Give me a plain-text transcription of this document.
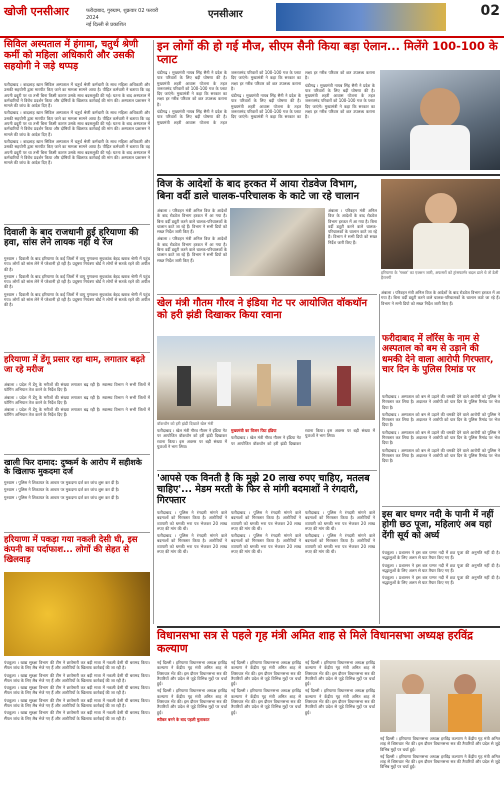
खोजी एनसीआर	फरीदाबाद, गुरुग्राम, शुक्रवार 02 फरवरी 2024
नई दिल्ली से प्रकाशित
एनसीआर	02
सिविल अस्पताल में हंगामा, चतुर्थ श्रेणी कर्मी को महिला अधिकारी और उसकी सहयोगी ने जड़े थप्पड़

फरीदाबाद । बादशाह खान सिविल अस्पताल में चतुर्थ श्रेणी कर्मचारी के साथ महिला अधिकारी और उसकी सहयोगी द्वारा मारपीट किए जाने का मामला सामने आया है। पीड़ित कर्मचारी ने बताया कि वह अपनी ड्यूटी पर था तभी बिना किसी कारण उसके साथ बदसलूकी की गई। घटना के बाद अस्पताल में कर्मचारियों ने विरोध प्रदर्शन किया और दोषियों के खिलाफ कार्रवाई की मांग की। अस्पताल प्रशासन ने मामले की जांच के आदेश दिए हैं।

फरीदाबाद । बादशाह खान सिविल अस्पताल में चतुर्थ श्रेणी कर्मचारी के साथ महिला अधिकारी और उसकी सहयोगी द्वारा मारपीट किए जाने का मामला सामने आया है। पीड़ित कर्मचारी ने बताया कि वह अपनी ड्यूटी पर था तभी बिना किसी कारण उसके साथ बदसलूकी की गई। घटना के बाद अस्पताल में कर्मचारियों ने विरोध प्रदर्शन किया और दोषियों के खिलाफ कार्रवाई की मांग की। अस्पताल प्रशासन ने मामले की जांच के आदेश दिए हैं।

फरीदाबाद । बादशाह खान सिविल अस्पताल में चतुर्थ श्रेणी कर्मचारी के साथ महिला अधिकारी और उसकी सहयोगी द्वारा मारपीट किए जाने का मामला सामने आया है। पीड़ित कर्मचारी ने बताया कि वह अपनी ड्यूटी पर था तभी बिना किसी कारण उसके साथ बदसलूकी की गई। घटना के बाद अस्पताल में कर्मचारियों ने विरोध प्रदर्शन किया और दोषियों के खिलाफ कार्रवाई की मांग की। अस्पताल प्रशासन ने मामले की जांच के आदेश दिए हैं।

दिवाली के बाद राजधानी हुई हरियाणा की हवा, सांस लेने लायक नहीं थे रेंज

गुरुग्राम । दिवाली के बाद हरियाणा के कई जिलों में वायु गुणवत्ता सूचकांक बेहद खराब श्रेणी में पहुंच गया। लोगों को सांस लेने में परेशानी हो रही है। प्रदूषण नियंत्रण बोर्ड ने लोगों से सतर्क रहने की अपील की है।

गुरुग्राम । दिवाली के बाद हरियाणा के कई जिलों में वायु गुणवत्ता सूचकांक बेहद खराब श्रेणी में पहुंच गया। लोगों को सांस लेने में परेशानी हो रही है। प्रदूषण नियंत्रण बोर्ड ने लोगों से सतर्क रहने की अपील की है।

गुरुग्राम । दिवाली के बाद हरियाणा के कई जिलों में वायु गुणवत्ता सूचकांक बेहद खराब श्रेणी में पहुंच गया। लोगों को सांस लेने में परेशानी हो रही है। प्रदूषण नियंत्रण बोर्ड ने लोगों से सतर्क रहने की अपील की है।

हरियाणा में डेंगू प्रसार रहा थाम, लगातार बढ़ते जा रहे मरीज

अंबाला । प्रदेश में डेंगू के मरीजों की संख्या लगातार बढ़ रही है। स्वास्थ्य विभाग ने सभी जिलों में फॉगिंग अभियान तेज करने के निर्देश दिए हैं।

अंबाला । प्रदेश में डेंगू के मरीजों की संख्या लगातार बढ़ रही है। स्वास्थ्य विभाग ने सभी जिलों में फॉगिंग अभियान तेज करने के निर्देश दिए हैं।

अंबाला । प्रदेश में डेंगू के मरीजों की संख्या लगातार बढ़ रही है। स्वास्थ्य विभाग ने सभी जिलों में फॉगिंग अभियान तेज करने के निर्देश दिए हैं।

खाली फिर दामाद: दुष्कर्म के आरोप में सहीशके के खिलाफ मुकदमा दर्ज

गुरुग्राम । पुलिस ने शिकायत के आधार पर मुकदमा दर्ज कर जांच शुरू कर दी है।

गुरुग्राम । पुलिस ने शिकायत के आधार पर मुकदमा दर्ज कर जांच शुरू कर दी है।

गुरुग्राम । पुलिस ने शिकायत के आधार पर मुकदमा दर्ज कर जांच शुरू कर दी है।

हरियाणा में पकड़ा गया नकली देसी घी, इस कंपनी का पर्दाफाश... लोगों की सेहत से खिलवाड़

पंचकूला । खाद्य सुरक्षा विभाग की टीम ने छापेमारी कर बड़ी मात्रा में नकली देसी घी बरामद किया। सैंपल जांच के लिए लैब भेजे गए हैं और आरोपियों के खिलाफ कार्रवाई की जा रही है।

पंचकूला । खाद्य सुरक्षा विभाग की टीम ने छापेमारी कर बड़ी मात्रा में नकली देसी घी बरामद किया। सैंपल जांच के लिए लैब भेजे गए हैं और आरोपियों के खिलाफ कार्रवाई की जा रही है।

पंचकूला । खाद्य सुरक्षा विभाग की टीम ने छापेमारी कर बड़ी मात्रा में नकली देसी घी बरामद किया। सैंपल जांच के लिए लैब भेजे गए हैं और आरोपियों के खिलाफ कार्रवाई की जा रही है।

पंचकूला । खाद्य सुरक्षा विभाग की टीम ने छापेमारी कर बड़ी मात्रा में नकली देसी घी बरामद किया। सैंपल जांच के लिए लैब भेजे गए हैं और आरोपियों के खिलाफ कार्रवाई की जा रही है।

पंचकूला । खाद्य सुरक्षा विभाग की टीम ने छापेमारी कर बड़ी मात्रा में नकली देसी घी बरामद किया। सैंपल जांच के लिए लैब भेजे गए हैं और आरोपियों के खिलाफ कार्रवाई की जा रही है।

इन लोगों की हो गई मौज, सीएम सैनी किया बड़ा ऐलान... मिलेंगे 100-100 के प्लाट

चंडीगढ़ । मुख्यमंत्री नायब सिंह सैनी ने प्रदेश के पात्र परिवारों के लिए बड़ी घोषणा की है। मुख्यमंत्री शहरी आवास योजना के तहत जरूरतमंद परिवारों को 100-100 गज के प्लाट दिए जाएंगे। मुख्यमंत्री ने कहा कि सरकार का लक्ष्य हर गरीब परिवार को छत उपलब्ध कराना है।

चंडीगढ़ । मुख्यमंत्री नायब सिंह सैनी ने प्रदेश के पात्र परिवारों के लिए बड़ी घोषणा की है। मुख्यमंत्री शहरी आवास योजना के तहत जरूरतमंद परिवारों को 100-100 गज के प्लाट दिए जाएंगे। मुख्यमंत्री ने कहा कि सरकार का लक्ष्य हर गरीब परिवार को छत उपलब्ध कराना है।

चंडीगढ़ । मुख्यमंत्री नायब सिंह सैनी ने प्रदेश के पात्र परिवारों के लिए बड़ी घोषणा की है। मुख्यमंत्री शहरी आवास योजना के तहत जरूरतमंद परिवारों को 100-100 गज के प्लाट दिए जाएंगे। मुख्यमंत्री ने कहा कि सरकार का लक्ष्य हर गरीब परिवार को छत उपलब्ध कराना है।

चंडीगढ़ । मुख्यमंत्री नायब सिंह सैनी ने प्रदेश के पात्र परिवारों के लिए बड़ी घोषणा की है। मुख्यमंत्री शहरी आवास योजना के तहत जरूरतमंद परिवारों को 100-100 गज के प्लाट दिए जाएंगे। मुख्यमंत्री ने कहा कि सरकार का लक्ष्य हर गरीब परिवार को छत उपलब्ध कराना है।

विज के आदेशों के बाद हरकत में आया रोडवेज विभाग, बिना वर्दी डाले चालक-परिचालक के काटे जा रहे चालान

अंबाला । परिवहन मंत्री अनिल विज के आदेशों के बाद रोडवेज विभाग हरकत में आ गया है। बिना वर्दी ड्यूटी करने वाले चालक-परिचालकों के चालान काटे जा रहे हैं। विभाग ने सभी डिपो को सख्त निर्देश जारी किए हैं।

अंबाला । परिवहन मंत्री अनिल विज के आदेशों के बाद रोडवेज विभाग हरकत में आ गया है। बिना वर्दी ड्यूटी करने वाले चालक-परिचालकों के चालान काटे जा रहे हैं। विभाग ने सभी डिपो को सख्त निर्देश जारी किए हैं।

अंबाला । परिवहन मंत्री अनिल विज के आदेशों के बाद रोडवेज विभाग हरकत में आ गया है। बिना वर्दी ड्यूटी करने वाले चालक-परिचालकों के चालान काटे जा रहे हैं। विभाग ने सभी डिपो को सख्त निर्देश जारी किए हैं।

हरियाणा के 'गब्बर' का एक्शन जारी, अफसरों को ट्रांसफार्मर बदल डाले थे तो डेली हैरानगी

अंबाला । परिवहन मंत्री अनिल विज के आदेशों के बाद रोडवेज विभाग हरकत में आ गया है। बिना वर्दी ड्यूटी करने वाले चालक-परिचालकों के चालान काटे जा रहे हैं। विभाग ने सभी डिपो को सख्त निर्देश जारी किए हैं।

खेल मंत्री गौतम गौरव ने इंडिया गेट पर आयोजित वॉकथॉन को हरी झंडी दिखाकर किया रवाना
वॉकथॉन को हरी झंडी दिखाते खेल मंत्री

फरीदाबाद । खेल मंत्री गौरव गौतम ने इंडिया गेट पर आयोजित वॉकथॉन को हरी झंडी दिखाकर रवाना किया। इस अवसर पर बड़ी संख्या में युवाओं ने भाग लिया।

मुख्यमंत्री का विजन फिट इंडिया

फरीदाबाद । खेल मंत्री गौरव गौतम ने इंडिया गेट पर आयोजित वॉकथॉन को हरी झंडी दिखाकर रवाना किया। इस अवसर पर बड़ी संख्या में युवाओं ने भाग लिया।

'आपसे एक विनती है कि मुझे 20 लाख रुपए चाहिए, मतलब चाहिए'... मेडम मरती के फिर से मांगी बदमाशों ने रंगदारी, गिरफ्तार

फरीदाबाद । पुलिस ने रंगदारी मांगने वाले बदमाशों को गिरफ्तार किया है। आरोपियों ने व्यापारी को धमकी भरा पत्र भेजकर 20 लाख रुपए की मांग की थी।

फरीदाबाद । पुलिस ने रंगदारी मांगने वाले बदमाशों को गिरफ्तार किया है। आरोपियों ने व्यापारी को धमकी भरा पत्र भेजकर 20 लाख रुपए की मांग की थी।

फरीदाबाद । पुलिस ने रंगदारी मांगने वाले बदमाशों को गिरफ्तार किया है। आरोपियों ने व्यापारी को धमकी भरा पत्र भेजकर 20 लाख रुपए की मांग की थी।

फरीदाबाद । पुलिस ने रंगदारी मांगने वाले बदमाशों को गिरफ्तार किया है। आरोपियों ने व्यापारी को धमकी भरा पत्र भेजकर 20 लाख रुपए की मांग की थी।

फरीदाबाद । पुलिस ने रंगदारी मांगने वाले बदमाशों को गिरफ्तार किया है। आरोपियों ने व्यापारी को धमकी भरा पत्र भेजकर 20 लाख रुपए की मांग की थी।

फरीदाबाद । पुलिस ने रंगदारी मांगने वाले बदमाशों को गिरफ्तार किया है। आरोपियों ने व्यापारी को धमकी भरा पत्र भेजकर 20 लाख रुपए की मांग की थी।

फरीदाबाद में लॉरेंस के नाम से अस्पताल को बम से उड़ाने की धमकी देने वाला आरोपी गिरफ्तार, चार दिन के पुलिस रिमांड पर

फरीदाबाद । अस्पताल को बम से उड़ाने की धमकी देने वाले आरोपी को पुलिस ने गिरफ्तार कर लिया है। अदालत ने आरोपी को चार दिन के पुलिस रिमांड पर भेज दिया है।

फरीदाबाद । अस्पताल को बम से उड़ाने की धमकी देने वाले आरोपी को पुलिस ने गिरफ्तार कर लिया है। अदालत ने आरोपी को चार दिन के पुलिस रिमांड पर भेज दिया है।

फरीदाबाद । अस्पताल को बम से उड़ाने की धमकी देने वाले आरोपी को पुलिस ने गिरफ्तार कर लिया है। अदालत ने आरोपी को चार दिन के पुलिस रिमांड पर भेज दिया है।

फरीदाबाद । अस्पताल को बम से उड़ाने की धमकी देने वाले आरोपी को पुलिस ने गिरफ्तार कर लिया है। अदालत ने आरोपी को चार दिन के पुलिस रिमांड पर भेज दिया है।

इस बार घग्गर नदी के पानी में नहीं होगी छठ पूजा, महिलाएं अब यहां देंगी सूर्य को अर्घ्य

पंचकूला । प्रशासन ने इस बार घग्गर नदी में छठ पूजा की अनुमति नहीं दी है। श्रद्धालुओं के लिए अलग से घाट तैयार किए गए हैं।

पंचकूला । प्रशासन ने इस बार घग्गर नदी में छठ पूजा की अनुमति नहीं दी है। श्रद्धालुओं के लिए अलग से घाट तैयार किए गए हैं।

पंचकूला । प्रशासन ने इस बार घग्गर नदी में छठ पूजा की अनुमति नहीं दी है। श्रद्धालुओं के लिए अलग से घाट तैयार किए गए हैं।

विधानसभा सत्र से पहले गृह मंत्री अमित शाह से मिले विधानसभा अध्यक्ष हरविंद्र कल्याण

नई दिल्ली । हरियाणा विधानसभा अध्यक्ष हरविंद्र कल्याण ने केंद्रीय गृह मंत्री अमित शाह से शिष्टाचार भेंट की। इस दौरान विधानसभा सत्र की तैयारियों और प्रदेश से जुड़े विभिन्न मुद्दों पर चर्चा हुई।

नई दिल्ली । हरियाणा विधानसभा अध्यक्ष हरविंद्र कल्याण ने केंद्रीय गृह मंत्री अमित शाह से शिष्टाचार भेंट की। इस दौरान विधानसभा सत्र की तैयारियों और प्रदेश से जुड़े विभिन्न मुद्दों पर चर्चा हुई।

स्पीकर बनने के बाद पहली मुलाकात

नई दिल्ली । हरियाणा विधानसभा अध्यक्ष हरविंद्र कल्याण ने केंद्रीय गृह मंत्री अमित शाह से शिष्टाचार भेंट की। इस दौरान विधानसभा सत्र की तैयारियों और प्रदेश से जुड़े विभिन्न मुद्दों पर चर्चा हुई।

नई दिल्ली । हरियाणा विधानसभा अध्यक्ष हरविंद्र कल्याण ने केंद्रीय गृह मंत्री अमित शाह से शिष्टाचार भेंट की। इस दौरान विधानसभा सत्र की तैयारियों और प्रदेश से जुड़े विभिन्न मुद्दों पर चर्चा हुई।

नई दिल्ली । हरियाणा विधानसभा अध्यक्ष हरविंद्र कल्याण ने केंद्रीय गृह मंत्री अमित शाह से शिष्टाचार भेंट की। इस दौरान विधानसभा सत्र की तैयारियों और प्रदेश से जुड़े विभिन्न मुद्दों पर चर्चा हुई।

नई दिल्ली । हरियाणा विधानसभा अध्यक्ष हरविंद्र कल्याण ने केंद्रीय गृह मंत्री अमित शाह से शिष्टाचार भेंट की। इस दौरान विधानसभा सत्र की तैयारियों और प्रदेश से जुड़े विभिन्न मुद्दों पर चर्चा हुई।

नई दिल्ली । हरियाणा विधानसभा अध्यक्ष हरविंद्र कल्याण ने केंद्रीय गृह मंत्री अमित शाह से शिष्टाचार भेंट की। इस दौरान विधानसभा सत्र की तैयारियों और प्रदेश से जुड़े विभिन्न मुद्दों पर चर्चा हुई।

नई दिल्ली । हरियाणा विधानसभा अध्यक्ष हरविंद्र कल्याण ने केंद्रीय गृह मंत्री अमित शाह से शिष्टाचार भेंट की। इस दौरान विधानसभा सत्र की तैयारियों और प्रदेश से जुड़े विभिन्न मुद्दों पर चर्चा हुई।
